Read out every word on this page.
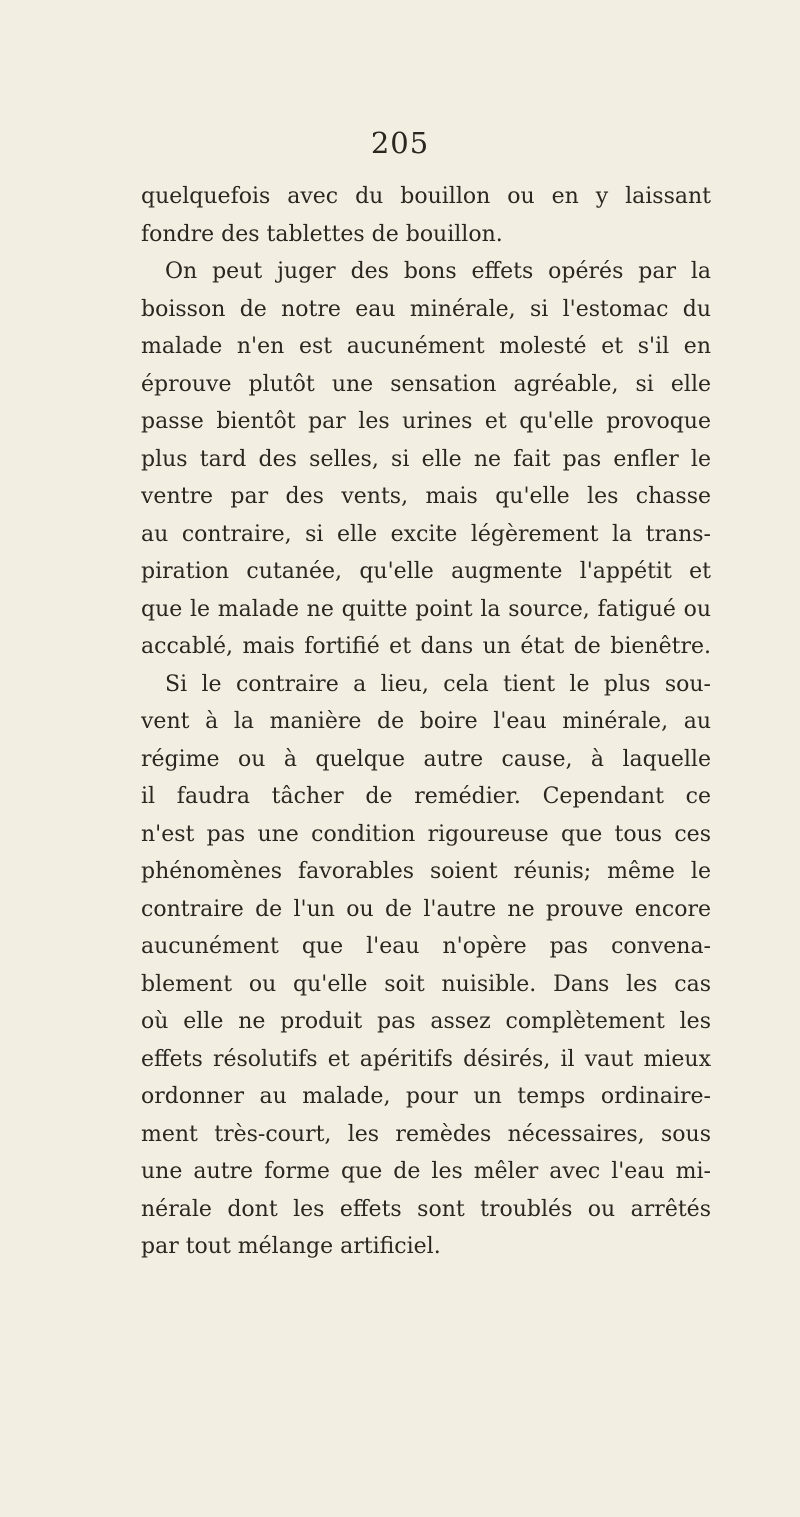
205
quelquefois avec du bouillon ou en y laissant
fondre des tablettes de bouillon.
On peut juger des bons effets opérés par la
boisson de notre eau minérale, si l'estomac du
malade n'en est aucunément molesté et s'il en
éprouve plutôt une sensation agréable, si elle
passe bientôt par les urines et qu'elle provoque
plus tard des selles, si elle ne fait pas enfler le
ventre par des vents, mais qu'elle les chasse
au contraire, si elle excite légèrement la trans-
piration cutanée, qu'elle augmente l'appétit et
que le malade ne quitte point la source, fatigué ou
accablé, mais fortifié et dans un état de bienêtre.
Si le contraire a lieu, cela tient le plus sou-
vent à la manière de boire l'eau minérale, au
régime ou à quelque autre cause, à laquelle
il faudra tâcher de remédier. Cependant ce
n'est pas une condition rigoureuse que tous ces
phénomènes favorables soient réunis; même le
contraire de l'un ou de l'autre ne prouve encore
aucunément que l'eau n'opère pas convena-
blement ou qu'elle soit nuisible. Dans les cas
où elle ne produit pas assez complètement les
effets résolutifs et apéritifs désirés, il vaut mieux
ordonner au malade, pour un temps ordinaire-
ment très-court, les remèdes nécessaires, sous
une autre forme que de les mêler avec l'eau mi-
nérale dont les effets sont troublés ou arrêtés
par tout mélange artificiel.
